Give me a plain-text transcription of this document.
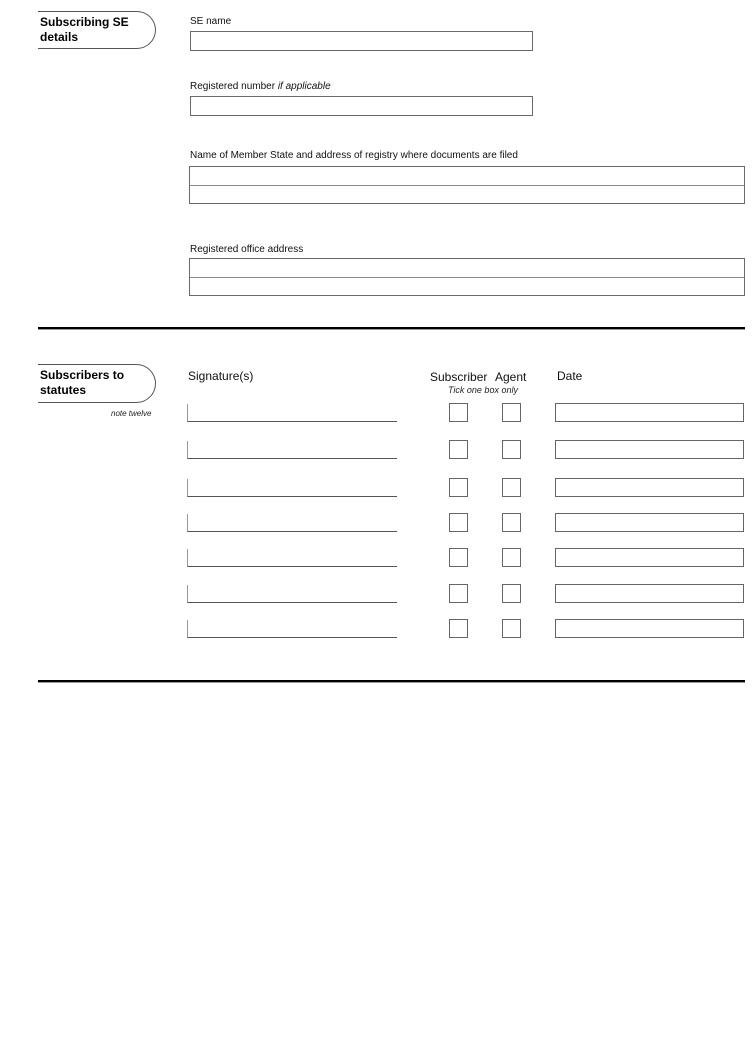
Subscribing SE
details
SE name
Registered number if applicable
Name of Member State and address of registry where documents are filed
Registered office address
Subscribers to
statutes
note twelve
Signature(s)	Subscriber Agent	Date
Tick one box only
